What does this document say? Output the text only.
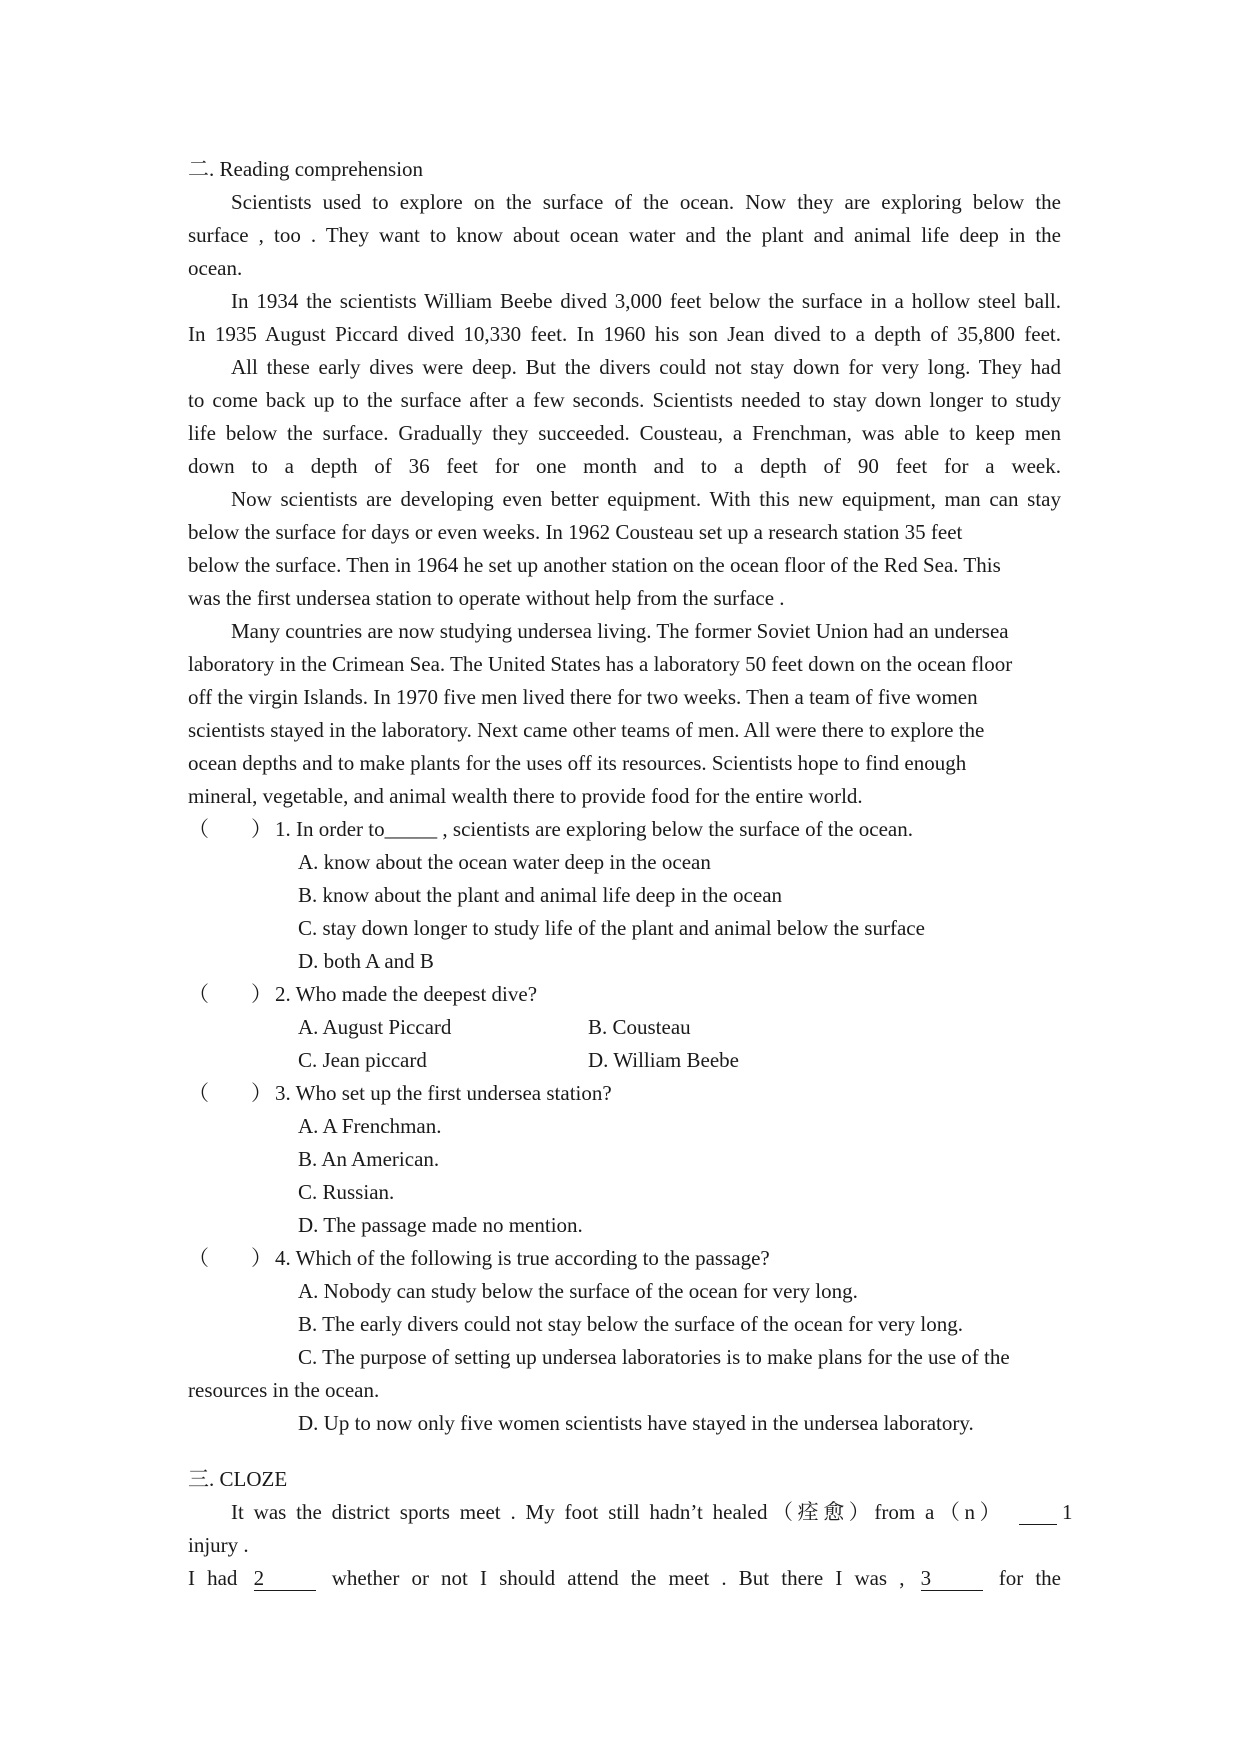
二. Reading comprehension
Scientists used to explore on the surface of the ocean. Now they are exploring below the
surface , too . They want to know about ocean water and the plant and animal life deep in the
ocean.
In 1934 the scientists William Beebe dived 3,000 feet below the surface in a hollow steel ball.
In 1935 August Piccard dived 10,330 feet. In 1960 his son Jean dived to a depth of 35,800 feet.
All these early dives were deep. But the divers could not stay down for very long. They had
to come back up to the surface after a few seconds. Scientists needed to stay down longer to study
life below the surface. Gradually they succeeded. Cousteau, a Frenchman, was able to keep men
down to a depth of 36 feet for one month and to a depth of 90 feet for a week.
Now scientists are developing even better equipment. With this new equipment, man can stay
below the surface for days or even weeks. In 1962 Cousteau set up a research station 35 feet
below the surface. Then in 1964 he set up another station on the ocean floor of the Red Sea. This
was the first undersea station to operate without help from the surface .
Many countries are now studying undersea living. The former Soviet Union had an undersea
laboratory in the Crimean Sea. The United States has a laboratory 50 feet down on the ocean floor
off the virgin Islands. In 1970 five men lived there for two weeks. Then a team of five women
scientists stayed in the laboratory. Next came other teams of men. All were there to explore the
ocean depths and to make plants for the uses off its resources. Scientists hope to find enough
mineral, vegetable, and animal wealth there to provide food for the entire world.
（　　） 1. In order to_____ , scientists are exploring below the surface of the ocean.
A. know about the ocean water deep in the ocean
B. know about the plant and animal life deep in the ocean
C. stay down longer to study life of the plant and animal below the surface
D. both A and B
（　　） 2. Who made the deepest dive?
A. August Piccard	B. Cousteau
C. Jean piccard	D. William Beebe
（　　） 3. Who set up the first undersea station?
A. A Frenchman.
B. An American.
C. Russian.
D. The passage made no mention.
（　　） 4. Which of the following is true according to the passage?
A. Nobody can study below the surface of the ocean for very long.
B. The early divers could not stay below the surface of the ocean for very long.
C. The purpose of setting up undersea laboratories is to make plans for the use of the
resources in the ocean.
D. Up to now only five women scientists have stayed in the undersea laboratory.
三. CLOZE
It was the district sports meet . My foot still hadn’t healed（痊愈）from a（n）	1
injury .
I had 2	whether or not I should attend the meet . But there I was , 3	for the
